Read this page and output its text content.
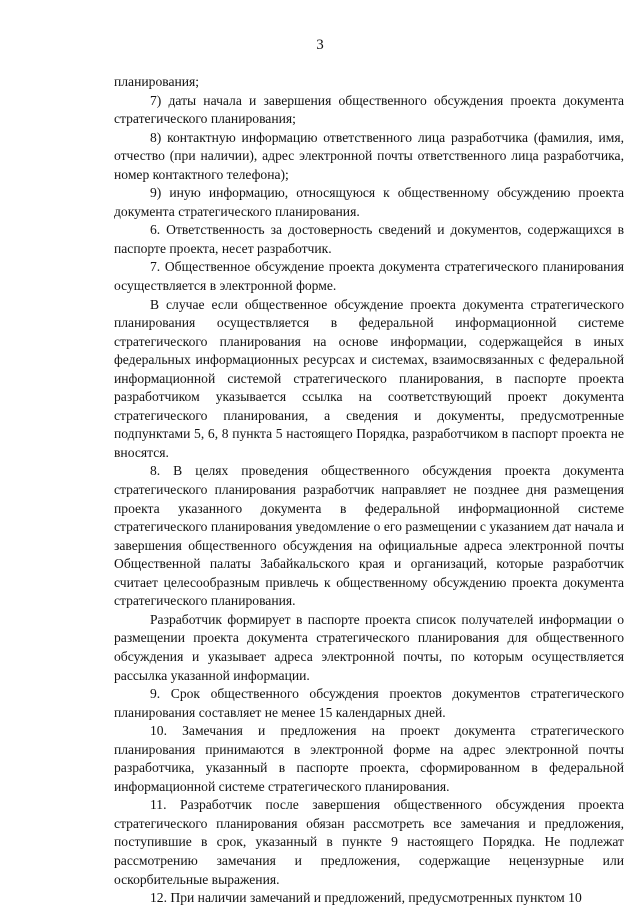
3

планирования;

7) даты начала и завершения общественного обсуждения проекта документа стратегического планирования;

8) контактную информацию ответственного лица разработчика (фамилия, имя, отчество (при наличии), адрес электронной почты ответственного лица разработчика, номер контактного телефона);

9) иную информацию, относящуюся к общественному обсуждению проекта документа стратегического планирования.

6. Ответственность за достоверность сведений и документов, содержащихся в паспорте проекта, несет разработчик.

7. Общественное обсуждение проекта документа стратегического планирования осуществляется в электронной форме.

В случае если общественное обсуждение проекта документа стратегического планирования осуществляется в федеральной информационной системе стратегического планирования на основе информации, содержащейся в иных федеральных информационных ресурсах и системах, взаимосвязанных с федеральной информационной системой стратегического планирования, в паспорте проекта разработчиком указывается ссылка на соответствующий проект документа стратегического планирования, а сведения и документы, предусмотренные подпунктами 5, 6, 8 пункта 5 настоящего Порядка, разработчиком в паспорт проекта не вносятся.

8. В целях проведения общественного обсуждения проекта документа стратегического планирования разработчик направляет не позднее дня размещения проекта указанного документа в федеральной информационной системе стратегического планирования уведомление о его размещении с указанием дат начала и завершения общественного обсуждения на официальные адреса электронной почты Общественной палаты Забайкальского края и организаций, которые разработчик считает целесообразным привлечь к общественному обсуждению проекта документа стратегического планирования.

Разработчик формирует в паспорте проекта список получателей информации о размещении проекта документа стратегического планирования для общественного обсуждения и указывает адреса электронной почты, по которым осуществляется рассылка указанной информации.

9. Срок общественного обсуждения проектов документов стратегического планирования составляет не менее 15 календарных дней.

10. Замечания и предложения на проект документа стратегического планирования принимаются в электронной форме на адрес электронной почты разработчика, указанный в паспорте проекта, сформированном в федеральной информационной системе стратегического планирования.

11. Разработчик после завершения общественного обсуждения проекта стратегического планирования обязан рассмотреть все замечания и предложения, поступившие в срок, указанный в пункте 9 настоящего Порядка. Не подлежат рассмотрению замечания и предложения, содержащие нецензурные или оскорбительные выражения.

12. При наличии замечаний и предложений, предусмотренных пунктом 10
